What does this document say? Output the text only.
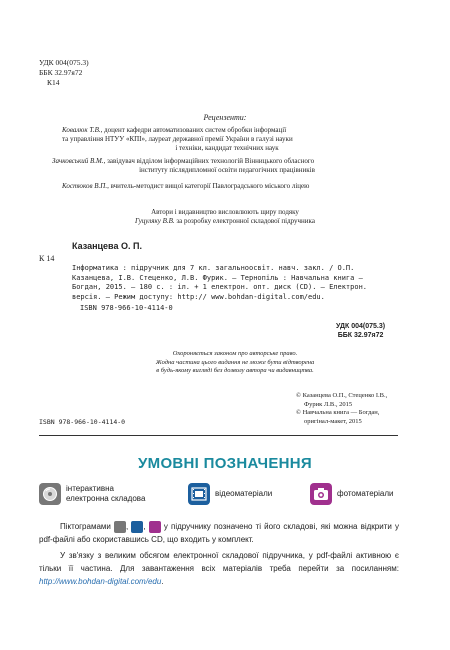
УДК 004(075.3)
ББК 32.97я72
К14
Рецензенти:
Ковалюк Т.В., доцент кафедри автоматизованих систем обробки інформації
та управління НТУУ «КПІ», лауреат державної премії України в галузі науки
і техніки, кандидат технічних наук
Зачковський В.М., завідувач відділом інформаційних технологій Вінницького обласного
інституту післядипломної освіти педагогічних працівників
Костюков В.П., вчитель-методист вищої категорії Павлоградського міського ліцею
Автори і видавництво висловлюють щиру подяку
Гуцуляку В.В. за розробку електронної складової підручника
Казанцева О. П.
К 14
Інформатика : підручник для 7 кл. загальноосвіт. навч. закл. / О.П. Казанцева, І.В. Стеценко, Л.В. Фурик. — Тернопіль : Навчальна книга — Богдан, 2015. — 180 с. : іл. + 1 електрон. опт. диск (CD). — Електрон. версія. — Режим доступу: http:// www.bohdan-digital.com/edu.
ISBN 978-966-10-4114-0
УДК 004(075.3)
ББК 32.97я72
Охороняється законом про авторське право.
Жодна частина цього видання не може бути відтворена
в будь-якому вигляді без дозволу автора чи видавництва.
© Казанцева О.П., Стеценко І.В.,
Фурик Л.В., 2015
© Навчальна книга — Богдан,
оригінал-макет, 2015
ISBN 978-966-10-4114-0
УМОВНІ ПОЗНАЧЕННЯ
інтерактивна
електронна складова
відеоматеріали	фотоматеріали
Піктограмами , ,  у підручнику позначено ті його складові, які можна відкрити у pdf-файлі або скориставшись CD, що входить у комплект.
У зв'язку з великим обсягом електронної складової підручника, у pdf-файлі активною є тільки її частина. Для завантаження всіх матеріалів треба перейти за посиланням: http://www.bohdan-digital.com/edu.
